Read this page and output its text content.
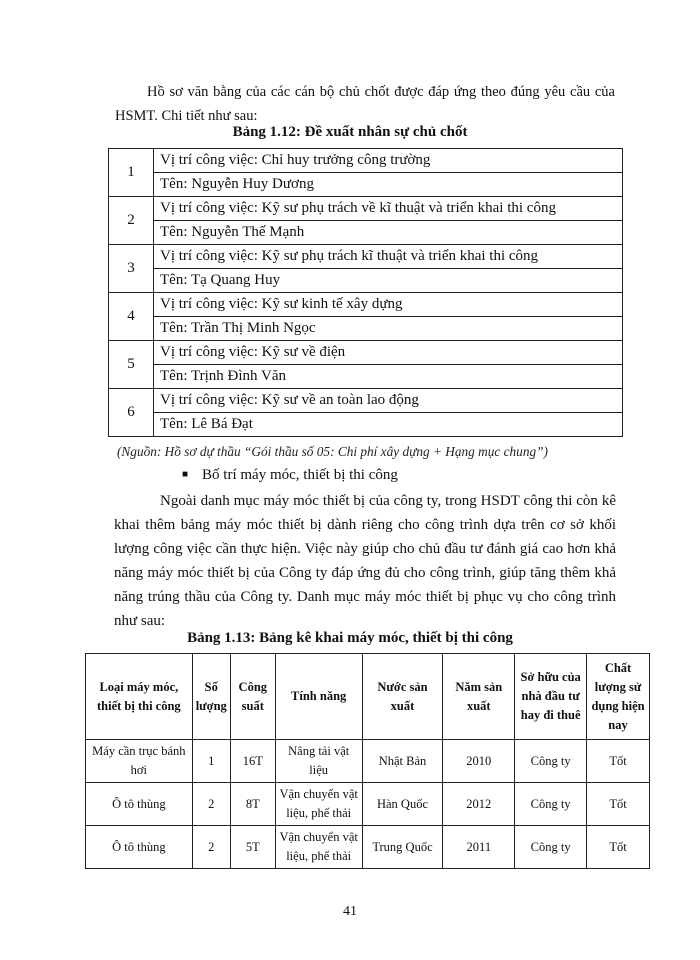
Hồ sơ văn bằng của các cán bộ chủ chốt được đáp ứng theo đúng yêu cầu của HSMT. Chi tiết như sau:
Bảng 1.12: Đề xuất nhân sự chủ chốt
1	Vị trí công việc: Chỉ huy trưởng công trường
	Tên: Nguyễn Huy Dương
2	Vị trí công việc: Kỹ sư phụ trách về kĩ thuật và triển khai thi công
	Tên: Nguyễn Thế Mạnh
3	Vị trí công việc: Kỹ sư phụ trách kĩ thuật và triển khai thi công
	Tên: Tạ Quang Huy
4	Vị trí công việc: Kỹ sư kinh tế xây dựng
	Tên: Trần Thị Minh Ngọc
5	Vị trí công việc: Kỹ sư về điện
	Tên: Trịnh Đình Văn
6	Vị trí công việc: Kỹ sư về an toàn lao động
	Tên: Lê Bá Đạt
(Nguồn: Hồ sơ dự thầu “Gói thầu số 05: Chi phí xây dựng + Hạng mục chung”)
■ Bố trí máy móc, thiết bị thi công
Ngoài danh mục máy móc thiết bị của công ty, trong HSDT công thi còn kê khai thêm bảng máy móc thiết bị dành riêng cho công trình dựa trên cơ sở khối lượng công việc cần thực hiện. Việc này giúp cho chủ đầu tư đánh giá cao hơn khả năng máy móc thiết bị của Công ty đáp ứng đủ cho công trình, giúp tăng thêm khả năng trúng thầu của Công ty. Danh mục máy móc thiết bị phục vụ cho công trình như sau:
Bảng 1.13: Bảng kê khai máy móc, thiết bị thi công
Loại máy móc, thiết bị thi công	Số lượng	Công suất	Tính năng	Nước sản xuất	Năm sản xuất	Sở hữu của nhà đầu tư hay đi thuê	Chất lượng sử dụng hiện nay
Máy cần trục bánh hơi	1	16T	Nâng tải vật liệu	Nhật Bản	2010	Công ty	Tốt
Ô tô thùng	2	8T	Vận chuyển vật liệu, phế thải	Hàn Quốc	2012	Công ty	Tốt
Ô tô thùng	2	5T	Vận chuyển vật liệu, phế thải	Trung Quốc	2011	Công ty	Tốt
41
